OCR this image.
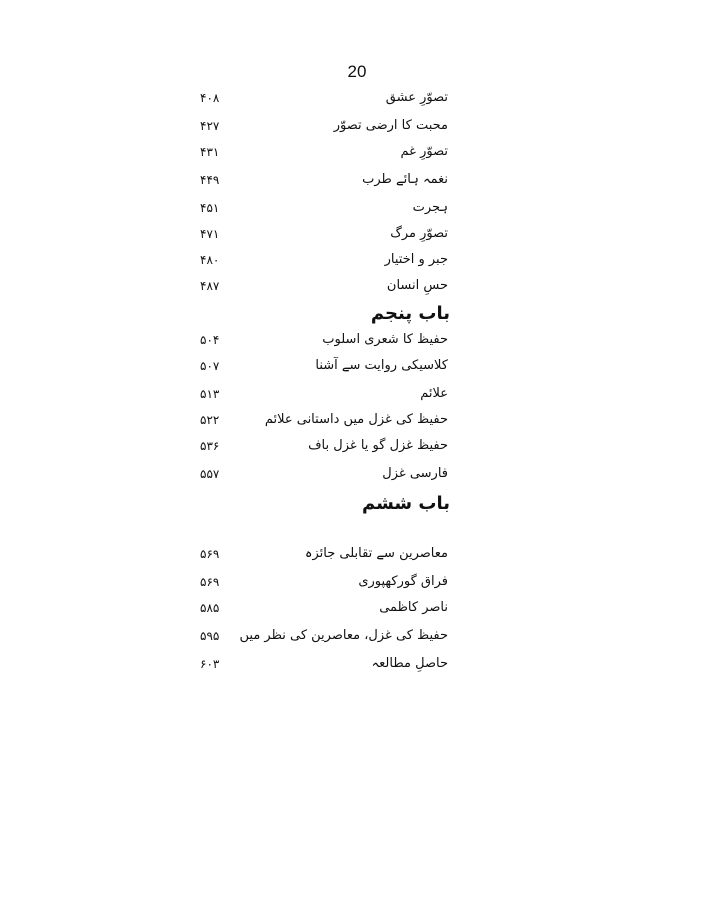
20
تصوّرِ عشق
۴۰۸
محبت کا ارضی تصوّر
۴۲۷
تصوّرِ غم
۴۳۱
نغمہ ہائے طرب
۴۴۹
ہجرت
۴۵۱
تصوّرِ مرگ
۴۷۱
جبر و اختیار
۴۸۰
حسِ انسان
۴۸۷
باب پنجم
حفیظ کا شعری اسلوب
۵۰۴
کلاسیکی روایت سے آشنا
۵۰۷
علائم
۵۱۳
حفیظ کی غزل میں داستانی علائم
۵۲۲
حفیظ غزل گو یا غزل باف
۵۳۶
فارسی غزل
۵۵۷
باب ششم
معاصرین سے تقابلی جائزہ
۵۶۹
فراق گورکھپوری
۵۶۹
ناصر کاظمی
۵۸۵
حفیظ کی غزل، معاصرین کی نظر میں
۵۹۵
حاصلِ مطالعہ
۶۰۳
